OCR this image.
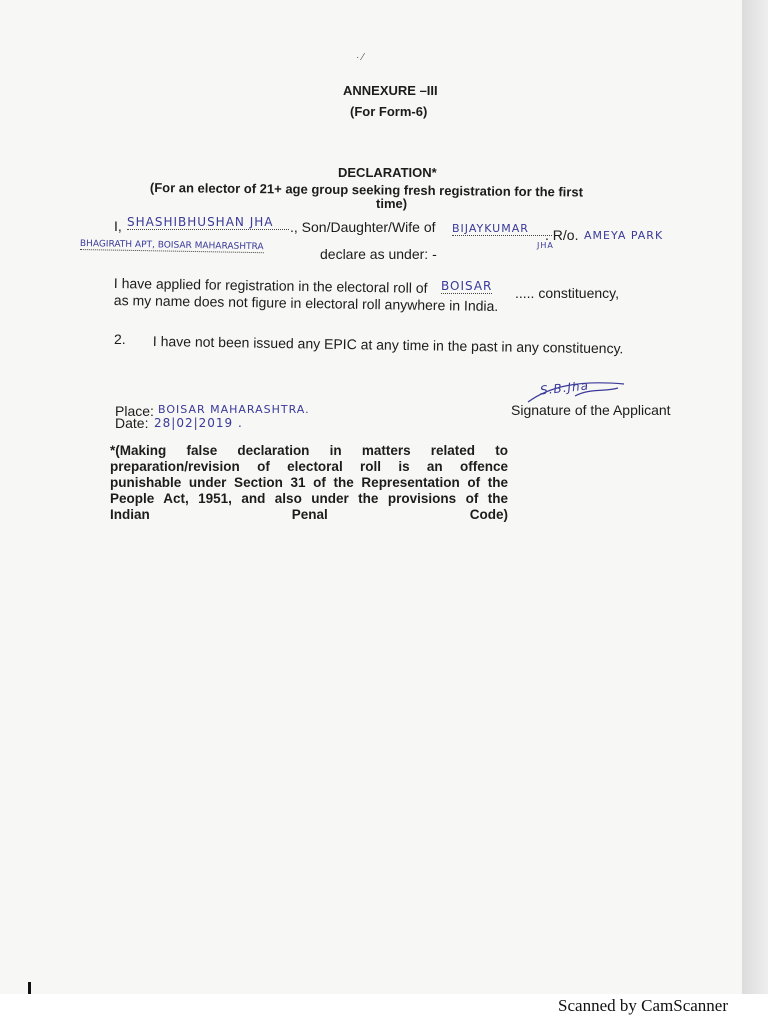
· ⁄
ANNEXURE –III
(For Form-6)
DECLARATION*
(For an elector of 21+ age group seeking fresh registration for the first
time)
I, SHASHIBHUSHAN JHA	., Son/Daughter/Wife of BIJAYKUMAR
JHA
. R/o. AMEYA PARK
BHAGIRATH APT, BOISAR MAHARASHTRA
declare as under: -
I have applied for registration in the electoral roll of BOISAR ..... constituency,
as my name does not figure in electoral roll anywhere in India.
2. I have not been issued any EPIC at any time in the past in any constituency.
S.B.Jha
Signature of the Applicant
Place: BOISAR MAHARASHTRA.
Date: 28|02|2019 .
*(Making false declaration in matters related to
preparation/revision of electoral roll is an offence
punishable under Section 31 of the Representation of the
People Act, 1951, and also under the provisions of the
Indian Penal Code)
Scanned by CamScanner
